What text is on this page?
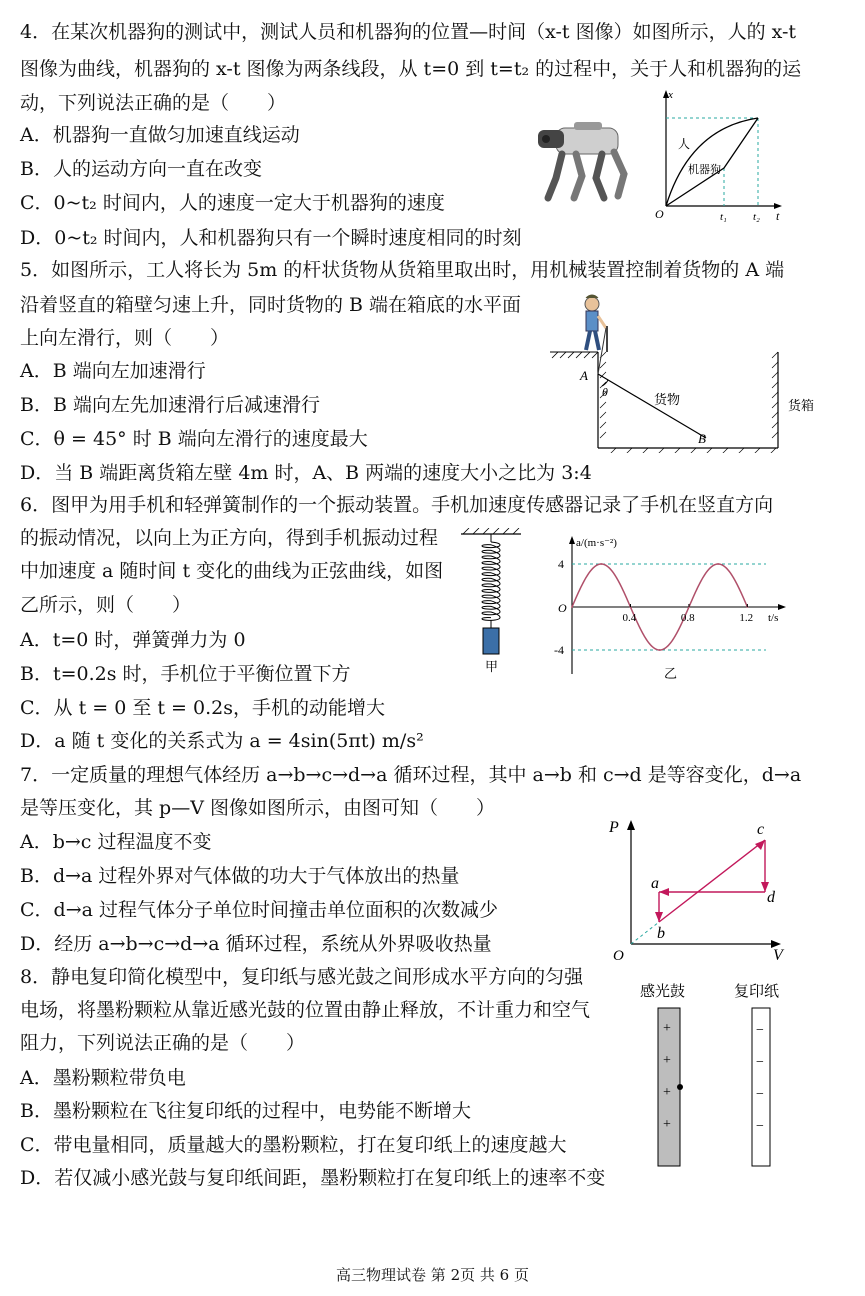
4．在某次机器狗的测试中，测试人员和机器狗的位置—时间（x-t 图像）如图所示，人的 x-t
图像为曲线，机器狗的 x-t 图像为两条线段，从 t=0 到 t=t₂ 的过程中，关于人和机器狗的运
动，下列说法正确的是（　　）
A．机器狗一直做匀加速直线运动
B．人的运动方向一直在改变
C．0~t₂ 时间内，人的速度一定大于机器狗的速度
D．0~t₂ 时间内，人和机器狗只有一个瞬时速度相同的时刻
x
t
O
人
机器狗
t₁ t₂
5．如图所示，工人将长为 5m 的杆状货物从货箱里取出时，用机械装置控制着货物的 A 端
沿着竖直的箱壁匀速上升，同时货物的 B 端在箱底的水平面
上向左滑行，则（　　）
A．B 端向左加速滑行
B．B 端向左先加速滑行后减速滑行
C．θ = 45° 时 B 端向左滑行的速度最大
D．当 B 端距离货箱左壁 4m 时，A、B 两端的速度大小之比为 3:4
A
θ	货物
B
货箱
6．图甲为用手机和轻弹簧制作的一个振动装置。手机加速度传感器记录了手机在竖直方向
的振动情况，以向上为正方向，得到手机振动过程
中加速度 a 随时间 t 变化的曲线为正弦曲线，如图
乙所示，则（　　）
A．t=0 时，弹簧弹力为 0
B．t=0.2s 时，手机位于平衡位置下方
C．从 t = 0 至 t = 0.2s，手机的动能增大
D．a 随 t 变化的关系式为 a = 4sin(5πt) m/s²
甲
0.4	0.8	1.2
4
-4
O
a/(m·s⁻²)
t/s
乙
7．一定质量的理想气体经历 a→b→c→d→a 循环过程，其中 a→b 和 c→d 是等容变化，d→a
是等压变化，其 p—V 图像如图所示，由图可知（　　）
A．b→c 过程温度不变
B．d→a 过程外界对气体做的功大于气体放出的热量
C．d→a 过程气体分子单位时间撞击单位面积的次数减少
D．经历 a→b→c→d→a 循环过程，系统从外界吸收热量
P
V
O
a
b
c
d
8．静电复印简化模型中，复印纸与感光鼓之间形成水平方向的匀强
电场，将墨粉颗粒从靠近感光鼓的位置由静止释放，不计重力和空气
阻力，下列说法正确的是（　　）
A．墨粉颗粒带负电
B．墨粉颗粒在飞往复印纸的过程中，电势能不断增大
C．带电量相同，质量越大的墨粉颗粒，打在复印纸上的速度越大
D．若仅减小感光鼓与复印纸间距，墨粉颗粒打在复印纸上的速率不变
感光鼓	复印纸
+
+
+
+
−
−
−
−
高三物理试卷 第 2页 共 6 页
